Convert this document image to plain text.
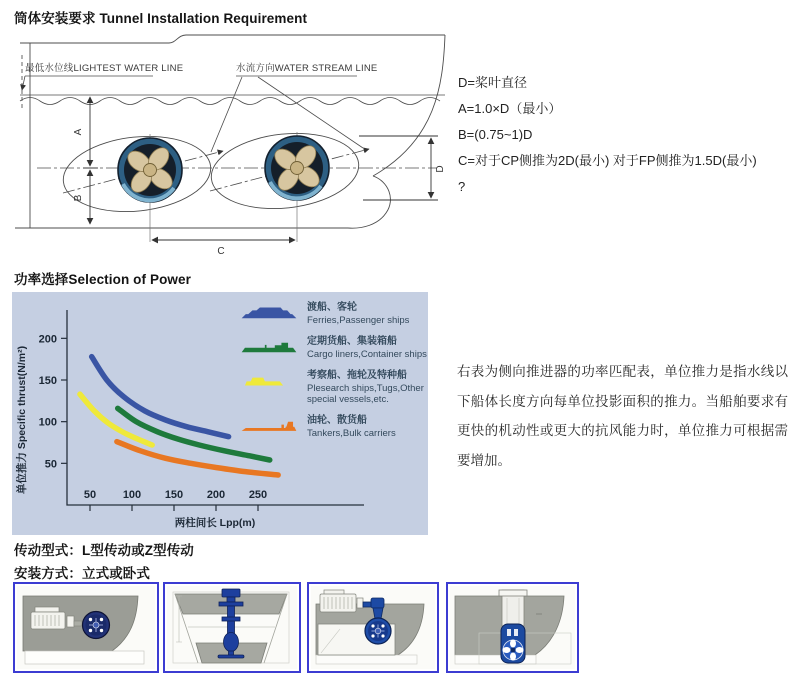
筒体安装要求 Tunnel Installation Requirement
最低水位线LIGHTEST WATER LINE	水流方向WATER STREAM LINE
A
B
D
C
D=桨叶直径
A=1.0×D（最小）
B=(0.75~1)D
C=对于CP侧推为2D(最小) 对于FP侧推为1.5D(最小)
?
功率选择Selection of Power
50
100
150
200
50 100 150 200 250
单位推力 Specific thrust(N/m²)
两柱间长 Lpp(m)
渡船、客轮
Ferries,Passenger ships
定期货船、集装箱船
Cargo liners,Container ships
考察船、拖轮及特种船
Plesearch ships,Tugs,Other special vessels,etc.
油轮、散货船
Tankers,Bulk carriers
右表为侧向推进器的功率匹配表，单位推力是指水线以下船体长度方向每单位投影面积的推力。当船舶要求有更快的机动性或更大的抗风能力时，单位推力可根据需要增加。
传动型式：L型传动或Z型传动
安装方式：立式或卧式
